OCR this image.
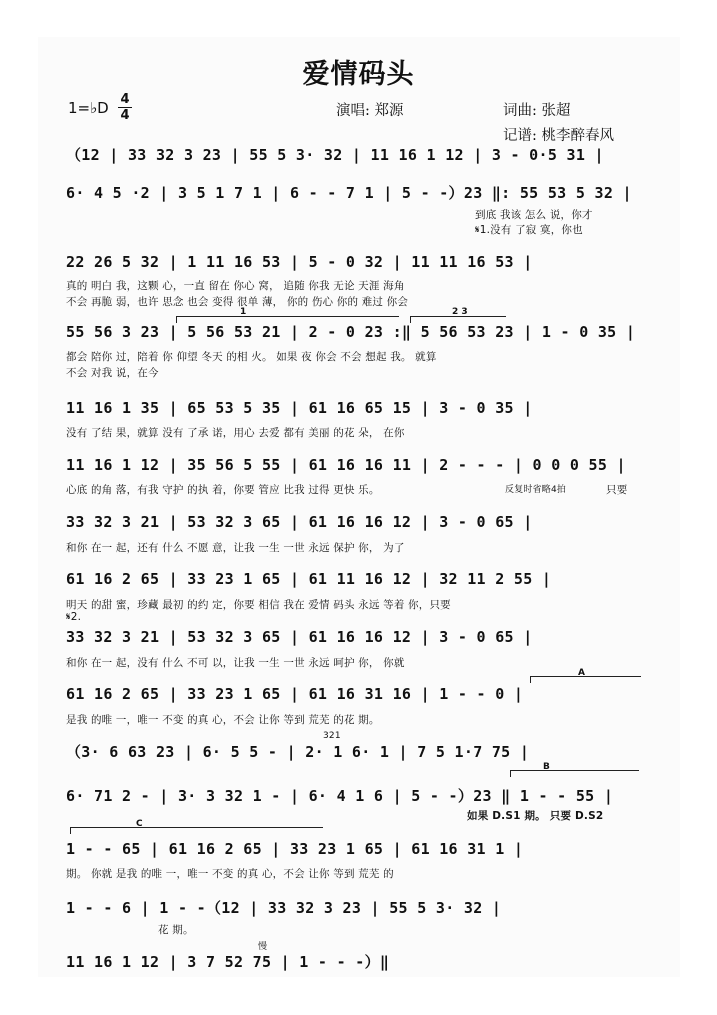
爱情码头
1=♭D 4
4	演唱: 郑源	词曲: 张超
记谱: 桃李醉春风
（12 | 33 32 3 23 | 55 5 3· 32 | 11 16 1 12 | 3 - 0·5 31 |
6· 4 5 ·2 | 3 5 1 7 1 | 6 - - 7 1 | 5 - -）23 ‖: 55 53 5 32 |
到底 我该 怎么 说，你才
𝄋1.没有 了寂 寞，你也
22 26 5 32 | 1 11 16 53 | 5 - 0 32 | 11 11 16 53 |
真的 明白 我，这颗 心，一直 留在 你心 窝， 追随 你我 无论 天涯 海角
不会 再脆 弱，也许 思念 也会 变得 很单 薄， 你的 伤心 你的 难过 你会
1	2 3
55 56 3 23 | 5 56 53 21 | 2 - 0 23 :‖ 5 56 53 23 | 1 - 0 35 |
都会 陪你 过，陪着 你 仰望 冬天 的相 火。 如果 夜 你会 不会 想起 我。 就算
不会 对我 说，在今
11 16 1 35 | 65 53 5 35 | 61 16 65 15 | 3 - 0 35 |
没有 了结 果，就算 没有 了承 诺，用心 去爱 都有 美丽 的花 朵， 在你
11 16 1 12 | 35 56 5 55 | 61 16 16 11 | 2 - - - | 0 0 0 55 |
心底 的角 落，有我 守护 的执 着，你要 管应 比我 过得 更快 乐。	反复时省略4拍	只要
33 32 3 21 | 53 32 3 65 | 61 16 16 12 | 3 - 0 65 |
和你 在一 起，还有 什么 不愿 意，让我 一生 一世 永远 保护 你， 为了
61 16 2 65 | 33 23 1 65 | 61 11 16 12 | 32 11 2 55 |
明天 的甜 蜜，珍藏 最初 的约 定，你要 相信 我在 爱情 码头 永远 等着 你，只要
𝄋2.
33 32 3 21 | 53 32 3 65 | 61 16 16 12 | 3 - 0 65 |
和你 在一 起，没有 什么 不可 以，让我 一生 一世 永远 呵护 你， 你就
A
61 16 2 65 | 33 23 1 65 | 61 16 31 16 | 1 - - 0 |
是我 的唯 一，唯一 不变 的真 心，不会 让你 等到 荒芜 的花 期。
321
（3· 6 63 23 | 6· 5 5 - | 2· 1 6· 1 | 7 5 1·7 75 |
B
6· 71 2 - | 3· 3 32 1 - | 6· 4 1 6 | 5 - -）23 ‖ 1 - - 55 |
如果 D.S1 期。 只要 D.S2
C
1 - - 65 | 61 16 2 65 | 33 23 1 65 | 61 16 31 1 |
期。 你就 是我 的唯 一，唯一 不变 的真 心，不会 让你 等到 荒芜 的
1 - - 6 | 1 - -（12 | 33 32 3 23 | 55 5 3· 32 |
花 期。
慢
11 16 1 12 | 3 7 52 75 | 1 - - -）‖
